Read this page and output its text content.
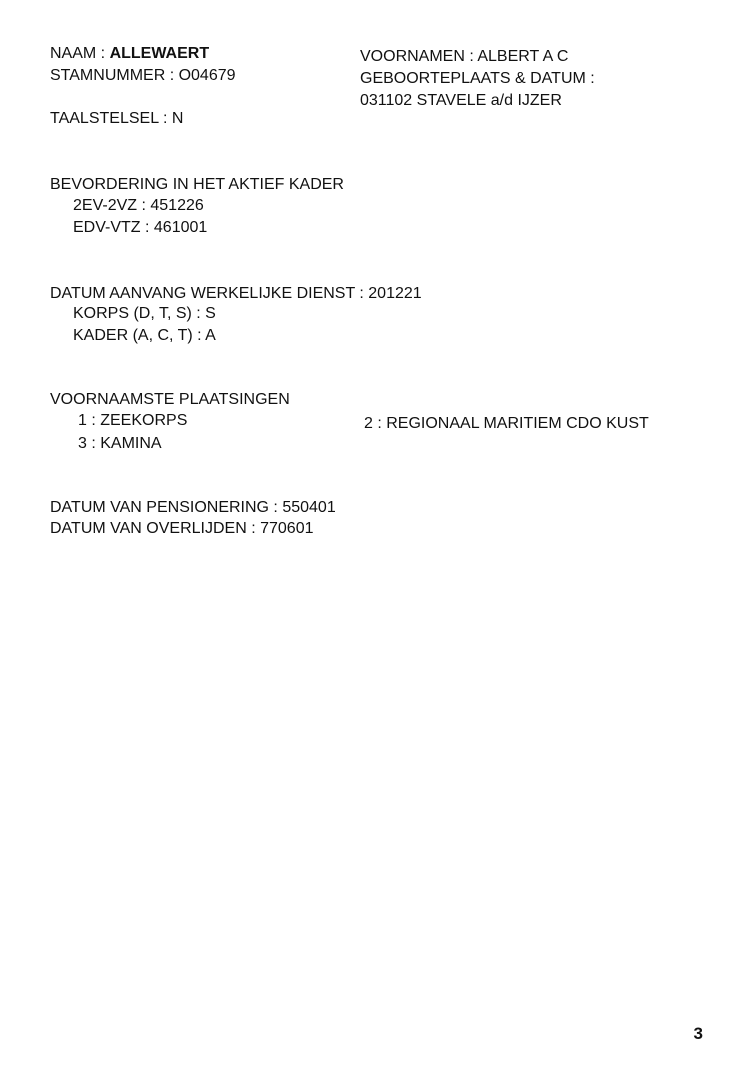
NAAM : ALLEWAERT
STAMNUMMER : O04679
VOORNAMEN : ALBERT A C
GEBOORTEPLAATS & DATUM :
031102 STAVELE a/d IJZER
TAALSTELSEL : N
BEVORDERING IN HET AKTIEF KADER
2EV-2VZ : 451226
EDV-VTZ : 461001
DATUM AANVANG WERKELIJKE DIENST : 201221
KORPS (D, T, S) : S
KADER (A, C, T) : A
VOORNAAMSTE PLAATSINGEN
1 : ZEEKORPS	2 : REGIONAAL MARITIEM CDO KUST
3 : KAMINA
DATUM VAN PENSIONERING : 550401
DATUM VAN OVERLIJDEN : 770601
3
